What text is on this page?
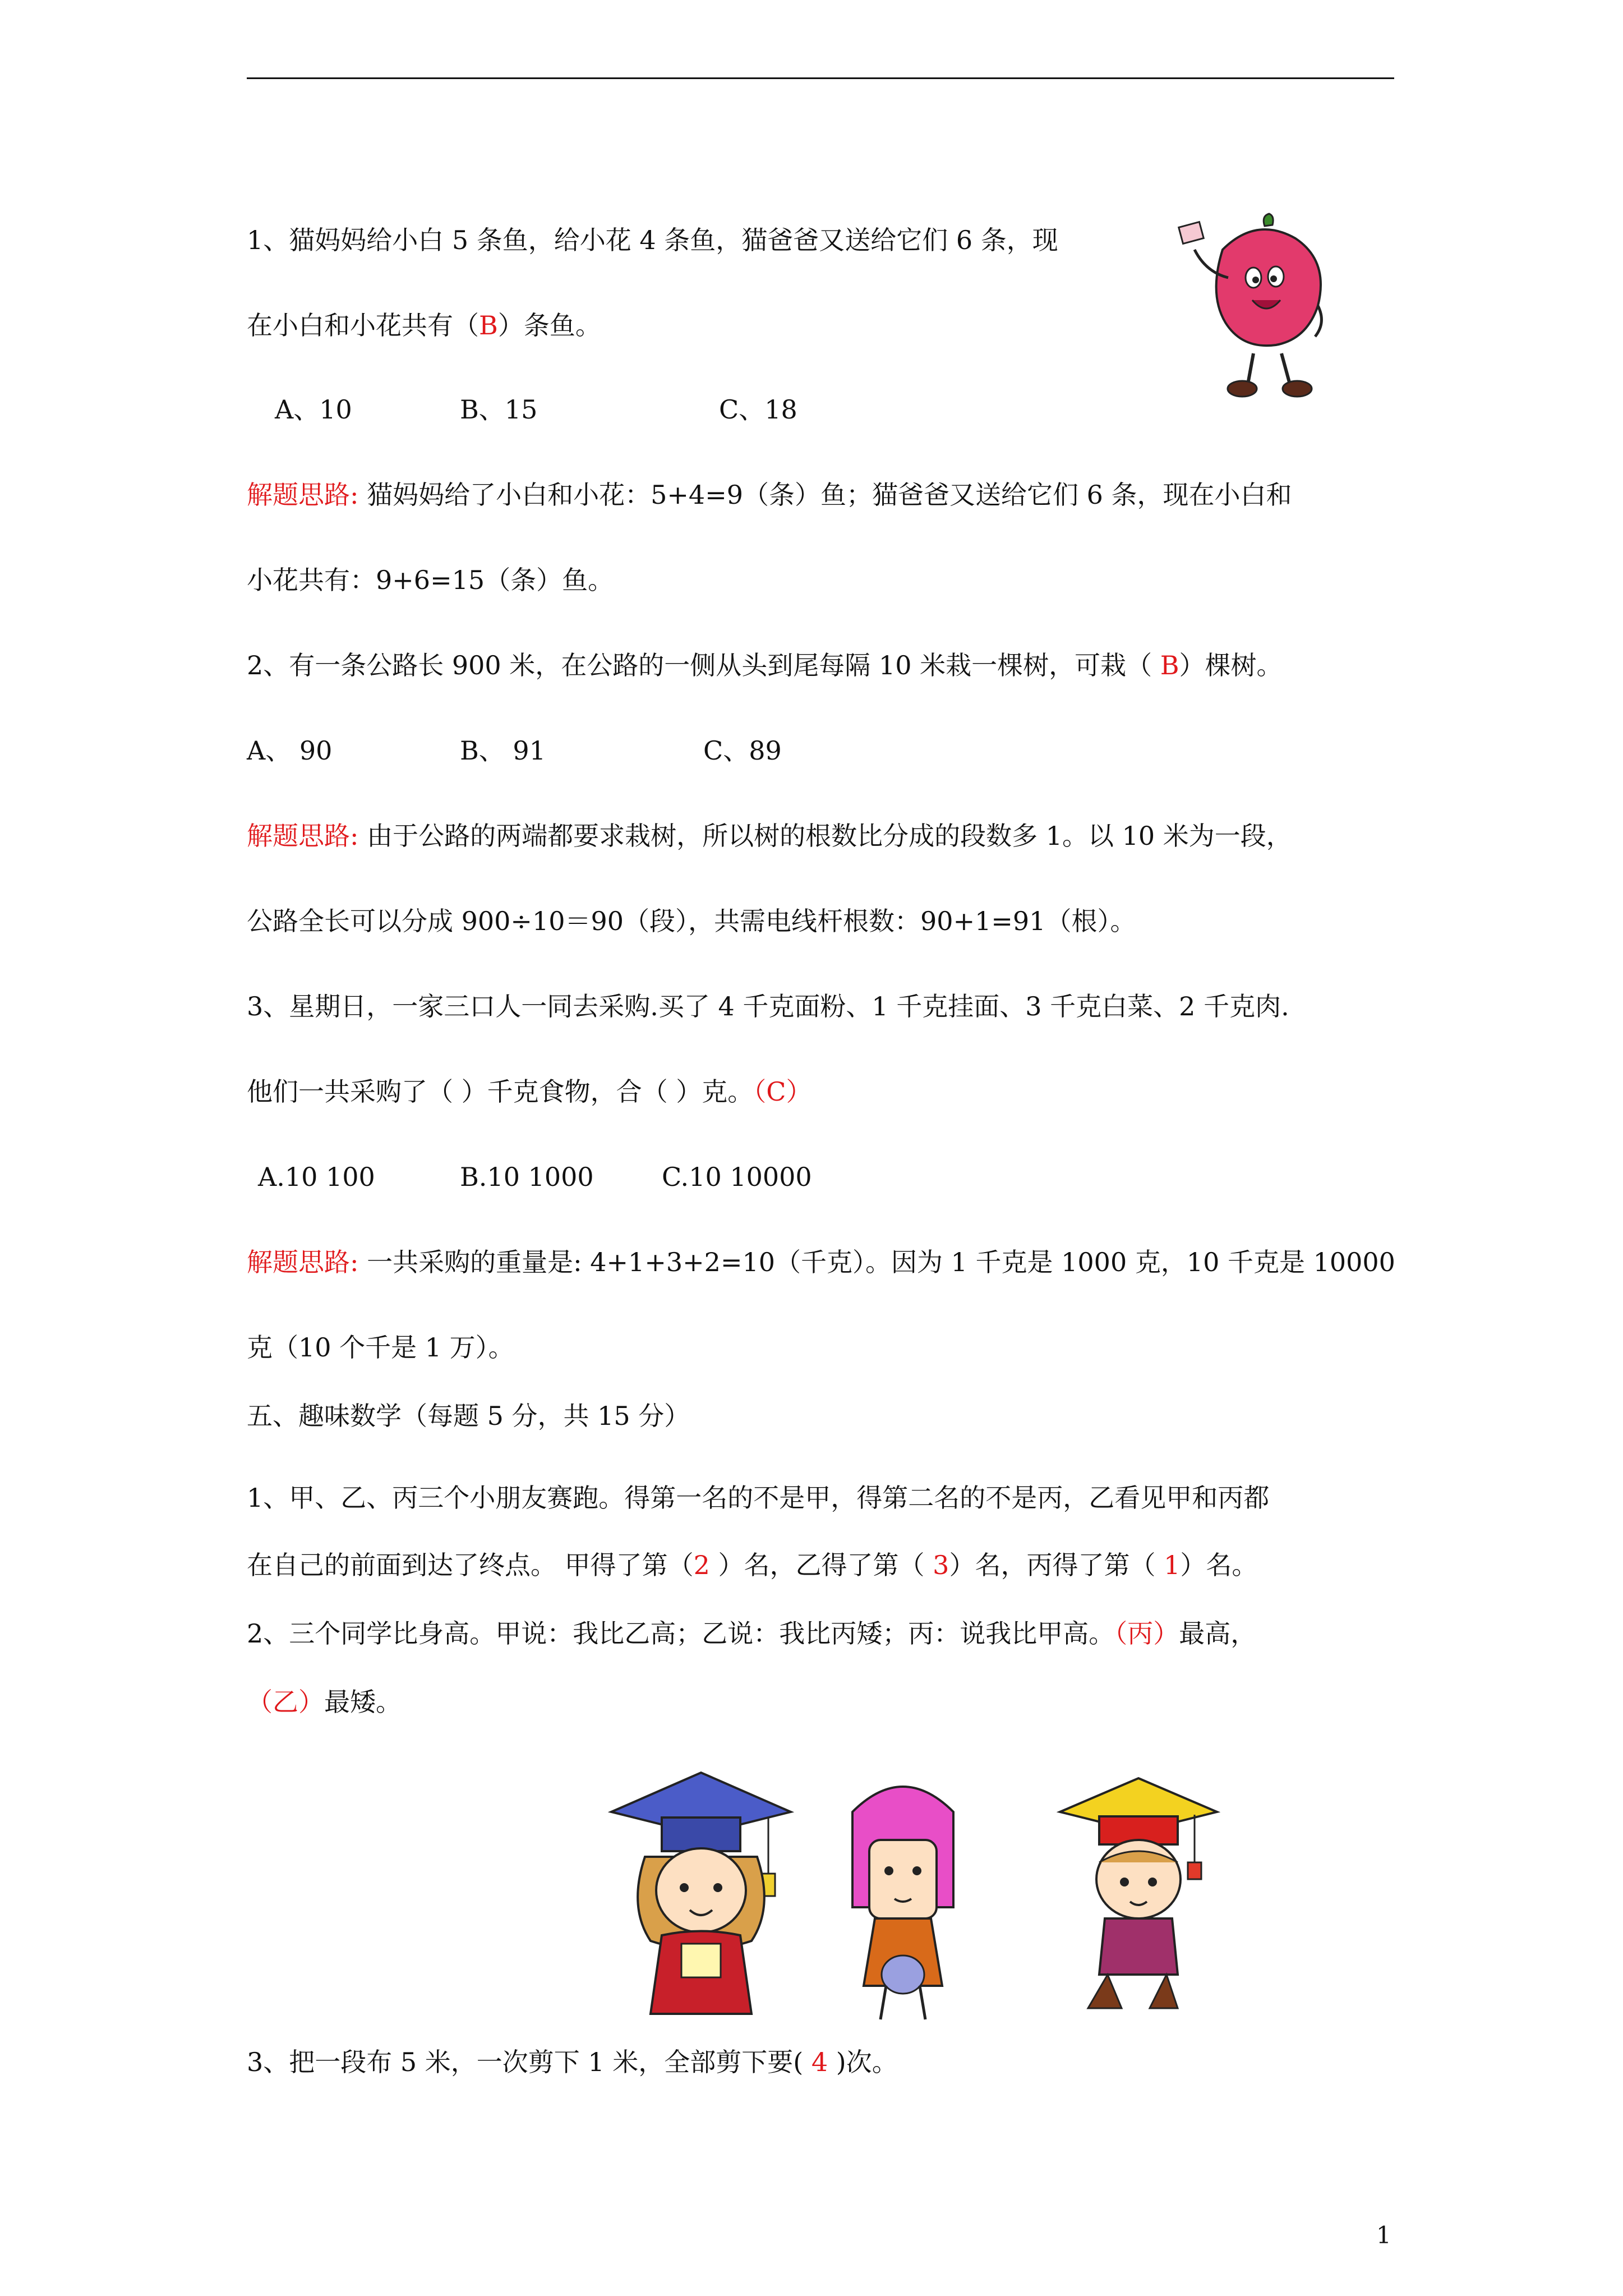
1、猫妈妈给小白 5 条鱼，给小花 4 条鱼，猫爸爸又送给它们 6 条，现
在小白和小花共有（B）条鱼。
A、10	B、15	C、18
解题思路: 猫妈妈给了小白和小花：5+4=9（条）鱼；猫爸爸又送给它们 6 条，现在小白和
小花共有：9+6=15（条）鱼。
2、有一条公路长 900 米，在公路的一侧从头到尾每隔 10 米栽一棵树，可栽（ B）棵树。
A、 90	B、 91	C、89
解题思路: 由于公路的两端都要求栽树，所以树的根数比分成的段数多 1。以 10 米为一段，
公路全长可以分成 900÷10＝90（段），共需电线杆根数：90+1=91（根）。
3、星期日，一家三口人一同去采购.买了 4 千克面粉、1 千克挂面、3 千克白菜、2 千克肉.
他们一共采购了（ ）千克食物，合（ ）克。（C）
A.10 100	B.10 1000	C.10 10000
解题思路: 一共采购的重量是: 4+1+3+2=10（千克）。因为 1 千克是 1000 克，10 千克是 10000
克（10 个千是 1 万）。
五、趣味数学（每题 5 分，共 15 分）
1、甲、乙、丙三个小朋友赛跑。得第一名的不是甲，得第二名的不是丙，乙看见甲和丙都
在自己的前面到达了终点。 甲得了第（2 ）名，乙得了第（ 3）名，丙得了第（ 1）名。
2、三个同学比身高。甲说：我比乙高；乙说：我比丙矮；丙：说我比甲高。（丙）最高，
（乙）最矮。
3、把一段布 5 米，一次剪下 1 米，全部剪下要( 4 )次。
1
